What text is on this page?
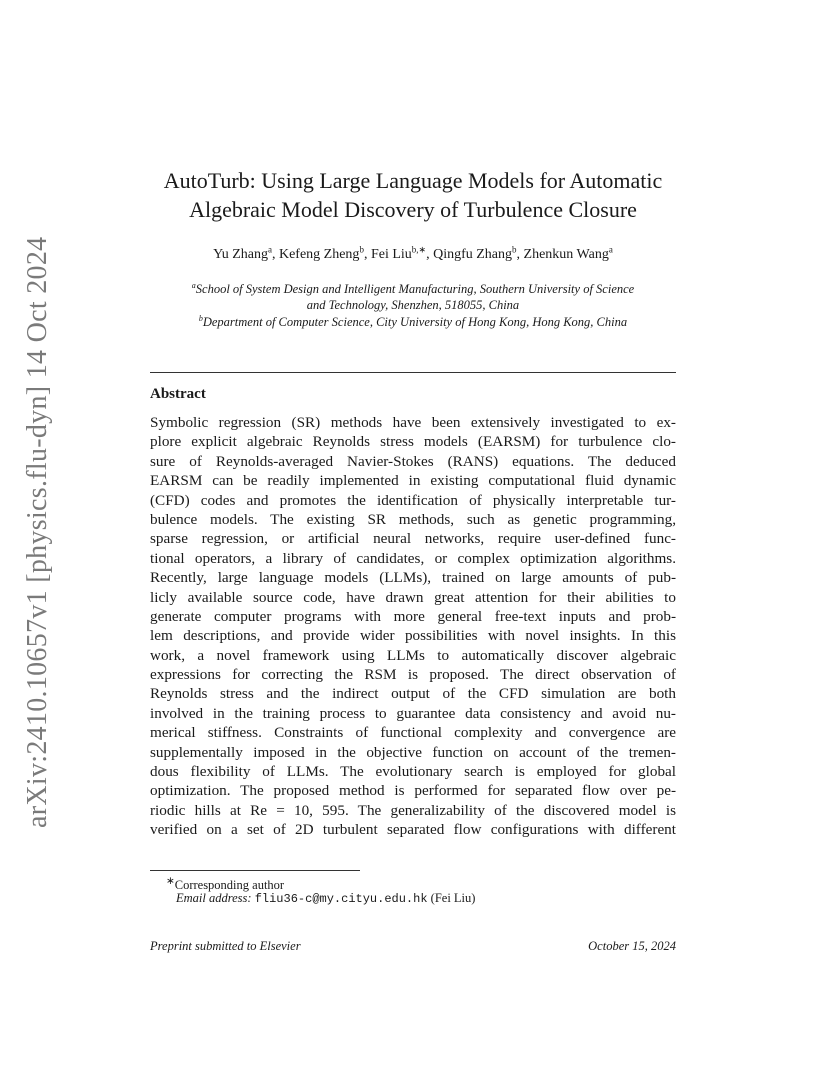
arXiv:2410.10657v1 [physics.flu-dyn] 14 Oct 2024
AutoTurb: Using Large Language Models for Automatic
Algebraic Model Discovery of Turbulence Closure
Yu Zhang$^a$, Kefeng Zheng$^b$, Fei Liu$^{b,∗}$, Qingfu Zhang$^b$, Zhenkun Wang$^a$
$^a$School of System Design and Intelligent Manufacturing, Southern University of Science
and Technology, Shenzhen, 518055, China
$^b$Department of Computer Science, City University of Hong Kong, Hong Kong, China
Abstract
Symbolic regression (SR) methods have been extensively investigated to ex-
plore explicit algebraic Reynolds stress models (EARSM) for turbulence clo-
sure of Reynolds-averaged Navier-Stokes (RANS) equations. The deduced
EARSM can be readily implemented in existing computational fluid dynamic
(CFD) codes and promotes the identification of physically interpretable tur-
bulence models. The existing SR methods, such as genetic programming,
sparse regression, or artificial neural networks, require user-defined func-
tional operators, a library of candidates, or complex optimization algorithms.
Recently, large language models (LLMs), trained on large amounts of pub-
licly available source code, have drawn great attention for their abilities to
generate computer programs with more general free-text inputs and prob-
lem descriptions, and provide wider possibilities with novel insights. In this
work, a novel framework using LLMs to automatically discover algebraic
expressions for correcting the RSM is proposed. The direct observation of
Reynolds stress and the indirect output of the CFD simulation are both
involved in the training process to guarantee data consistency and avoid nu-
merical stiffness. Constraints of functional complexity and convergence are
supplementally imposed in the objective function on account of the tremen-
dous flexibility of LLMs. The evolutionary search is employed for global
optimization. The proposed method is performed for separated flow over pe-
riodic hills at Re = 10, 595. The generalizability of the discovered model is
verified on a set of 2D turbulent separated flow configurations with different
∗Corresponding author
Email address: fliu36-c@my.cityu.edu.hk (Fei Liu)
Preprint submitted to Elsevier	October 15, 2024
